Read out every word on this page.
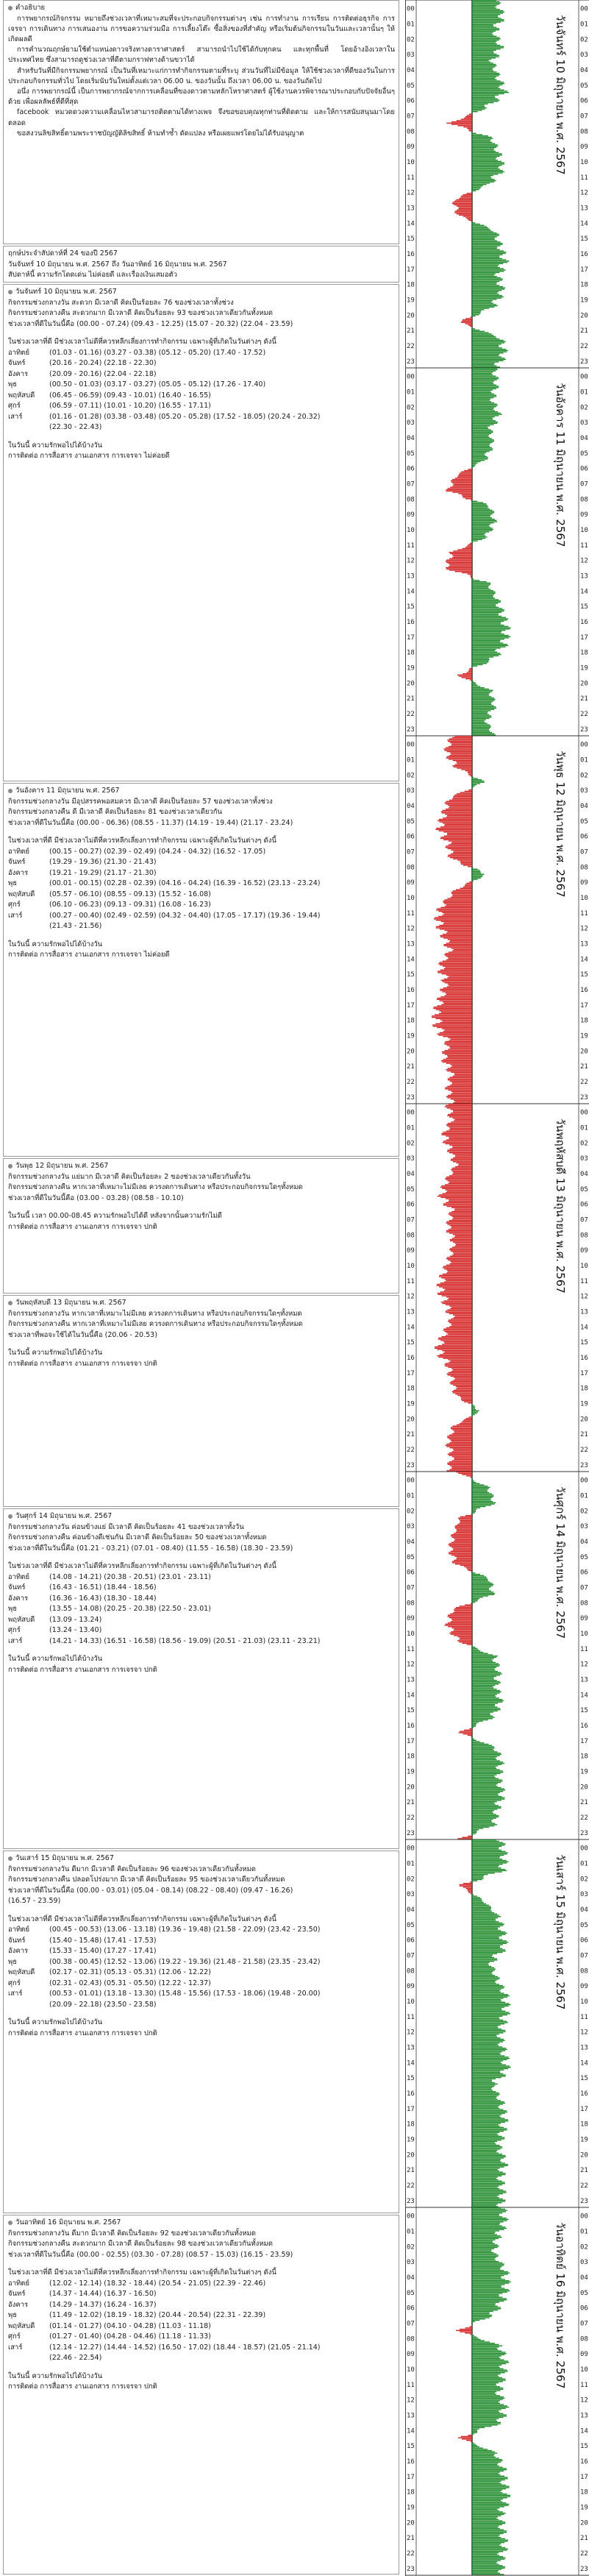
คำอธิบาย

การพยากรณ์กิจกรรม หมายถึงช่วงเวลาที่เหมาะสมที่จะประกอบกิจกรรมต่างๆ เช่น การทำงาน การเรียน การติดต่อธุรกิจ การเจรจา การเดินทาง การเสนองาน การขอความร่วมมือ การเลี้ยงโต๊ะ ซื้อสิ่งของที่สำคัญ หรือเริ่มต้นกิจกรรมในวันและเวลานั้นๆ ให้เกิดผลดี

การคำนวณฤกษ์ยามใช้ตำแหน่งดาวจริงทางดาราศาสตร์ สามารถนำไปใช้ได้กับทุกคน และทุกพื้นที่ โดยอ้างอิงเวลาในประเทศไทย ซึ่งสามารถดูช่วงเวลาที่ดีตามกราฟทางด้านขวาได้

สำหรับวันที่มีกิจกรรมพยากรณ์ เป็นวันที่เหมาะแก่การทำกิจกรรมตามที่ระบุ ส่วนวันที่ไม่มีข้อมูล ให้ใช้ช่วงเวลาที่ดีของวันในการประกอบกิจกรรมทั่วไป โดยเริ่มนับวันใหม่ตั้งแต่เวลา 06.00 น. ของวันนั้น ถึงเวลา 06.00 น. ของวันถัดไป

อนึ่ง การพยากรณ์นี้ เป็นการพยากรณ์จากการเคลื่อนที่ของดาวตามหลักโหราศาสตร์ ผู้ใช้งานควรพิจารณาประกอบกับปัจจัยอื่นๆ ด้วย เพื่อผลลัพธ์ที่ดีที่สุด

facebook หมวดดวงความเคลื่อนไหวสามารถติดตามได้ทางเพจ จึงขอขอบคุณทุกท่านที่ติดตาม และให้การสนับสนุนมาโดยตลอด

ขอสงวนลิขสิทธิ์ตามพระราชบัญญัติลิขสิทธิ์ ห้ามทำซ้ำ ดัดแปลง หรือเผยแพร่โดยไม่ได้รับอนุญาต

ฤกษ์ประจำสัปดาห์ที่ 24 ของปี 2567
วันจันทร์ 10 มิถุนายน พ.ศ. 2567 ถึง วันอาทิตย์ 16 มิถุนายน พ.ศ. 2567
สัปดาห์นี้ ความรักโดดเด่น ไม่ค่อยดี และเรื่องเงินเสมอตัว
วันจันทร์ 10 มิถุนายน พ.ศ. 2567
กิจกรรมช่วงกลางวัน สะดวก มีเวลาดี คิดเป็นร้อยละ 76 ของช่วงเวลาทั้งช่วง
กิจกรรมช่วงกลางคืน สะดวกมาก มีเวลาดี คิดเป็นร้อยละ 93 ของช่วงเวลาเดียวกันทั้งหมด
ช่วงเวลาที่ดีในวันนี้คือ (00.00 - 07.24) (09.43 - 12.25) (15.07 - 20.32) (22.04 - 23.59)
ในช่วงเวลาที่ดี มีช่วงเวลาไม่ดีที่ควรหลีกเลี่ยงการทำกิจกรรม เฉพาะผู้ที่เกิดในวันต่างๆ ดังนี้
อาทิตย์	(01.03 - 01.16) (03.27 - 03.38) (05.12 - 05.20) (17.40 - 17.52)
จันทร์	(20.16 - 20.24) (22.18 - 22.30)
อังคาร	(20.09 - 20.16) (22.04 - 22.18)
พุธ	(00.50 - 01.03) (03.17 - 03.27) (05.05 - 05.12) (17.26 - 17.40)
พฤหัสบดี (06.45 - 06.59) (09.43 - 10.01) (16.40 - 16.55)
ศุกร์	(06.59 - 07.11) (10.01 - 10.20) (16.55 - 17.11)
เสาร์	(01.16 - 01.28) (03.38 - 03.48) (05.20 - 05.28) (17.52 - 18.05) (20.24 - 20.32)
(22.30 - 22.43)
ในวันนี้ ความรักพอไปได้บ้างวัน
การติดต่อ การสื่อสาร งานเอกสาร การเจรจา ไม่ค่อยดี
วันอังคาร 11 มิถุนายน พ.ศ. 2567
กิจกรรมช่วงกลางวัน มีอุปสรรคพอสมควร มีเวลาดี คิดเป็นร้อยละ 57 ของช่วงเวลาทั้งช่วง
กิจกรรมช่วงกลางคืน ดี มีเวลาดี คิดเป็นร้อยละ 81 ของช่วงเวลาเดียวกัน
ช่วงเวลาที่ดีในวันนี้คือ (00.00 - 06.36) (08.55 - 11.37) (14.19 - 19.44) (21.17 - 23.24)
ในช่วงเวลาที่ดี มีช่วงเวลาไม่ดีที่ควรหลีกเลี่ยงการทำกิจกรรม เฉพาะผู้ที่เกิดในวันต่างๆ ดังนี้
อาทิตย์	(00.15 - 00.27) (02.39 - 02.49) (04.24 - 04.32) (16.52 - 17.05)
จันทร์	(19.29 - 19.36) (21.30 - 21.43)
อังคาร	(19.21 - 19.29) (21.17 - 21.30)
พุธ	(00.01 - 00.15) (02.28 - 02.39) (04.16 - 04.24) (16.39 - 16.52) (23.13 - 23.24)
พฤหัสบดี (05.57 - 06.10) (08.55 - 09.13) (15.52 - 16.08)
ศุกร์	(06.10 - 06.23) (09.13 - 09.31) (16.08 - 16.23)
เสาร์	(00.27 - 00.40) (02.49 - 02.59) (04.32 - 04.40) (17.05 - 17.17) (19.36 - 19.44)
(21.43 - 21.56)
ในวันนี้ ความรักพอไปได้บ้างวัน
การติดต่อ การสื่อสาร งานเอกสาร การเจรจา ไม่ค่อยดี
วันพุธ 12 มิถุนายน พ.ศ. 2567
กิจกรรมช่วงกลางวัน แย่มาก มีเวลาดี คิดเป็นร้อยละ 2 ของช่วงเวลาเดียวกันทั้งวัน
กิจกรรมช่วงกลางคืน หากเวลาที่เหมาะไม่มีเลย ควรงดการเดินทาง หรือประกอบกิจกรรมใดๆทั้งหมด
ช่วงเวลาที่ดีในวันนี้คือ (03.00 - 03.28) (08.58 - 10.10)
ในวันนี้ เวลา 00.00-08.45 ความรักพอไปได้ดี หลังจากนั้นความรักไม่ดี
การติดต่อ การสื่อสาร งานเอกสาร การเจรจา ปกติ
วันพฤหัสบดี 13 มิถุนายน พ.ศ. 2567
กิจกรรมช่วงกลางวัน หากเวลาที่เหมาะไม่มีเลย ควรงดการเดินทาง หรือประกอบกิจกรรมใดๆทั้งหมด
กิจกรรมช่วงกลางคืน หากเวลาที่เหมาะไม่มีเลย ควรงดการเดินทาง หรือประกอบกิจกรรมใดๆทั้งหมด
ช่วงเวลาที่พอจะใช้ได้ในวันนี้คือ (20.06 - 20.53)
ในวันนี้ ความรักพอไปได้บ้างวัน
การติดต่อ การสื่อสาร งานเอกสาร การเจรจา ปกติ
วันศุกร์ 14 มิถุนายน พ.ศ. 2567
กิจกรรมช่วงกลางวัน ค่อนข้างแย่ มีเวลาดี คิดเป็นร้อยละ 41 ของช่วงเวลาทั้งวัน
กิจกรรมช่วงกลางคืน ค่อนข้างดีเช่นกัน มีเวลาดี คิดเป็นร้อยละ 50 ของช่วงเวลาทั้งหมด
ช่วงเวลาที่ดีในวันนี้คือ (01.21 - 03.21) (07.01 - 08.40) (11.55 - 16.58) (18.30 - 23.59)
ในช่วงเวลาที่ดี มีช่วงเวลาไม่ดีที่ควรหลีกเลี่ยงการทำกิจกรรม เฉพาะผู้ที่เกิดในวันต่างๆ ดังนี้
อาทิตย์	(14.08 - 14.21) (20.38 - 20.51) (23.01 - 23.11)
จันทร์	(16.43 - 16.51) (18.44 - 18.56)
อังคาร	(16.36 - 16.43) (18.30 - 18.44)
พุธ	(13.55 - 14.08) (20.25 - 20.38) (22.50 - 23.01)
พฤหัสบดี (13.09 - 13.24)
ศุกร์	(13.24 - 13.40)
เสาร์	(14.21 - 14.33) (16.51 - 16.58) (18.56 - 19.09) (20.51 - 21.03) (23.11 - 23.21)
ในวันนี้ ความรักพอไปได้บ้างวัน
การติดต่อ การสื่อสาร งานเอกสาร การเจรจา ปกติ
วันเสาร์ 15 มิถุนายน พ.ศ. 2567
กิจกรรมช่วงกลางวัน ดีมาก มีเวลาดี คิดเป็นร้อยละ 96 ของช่วงเวลาเดียวกันทั้งหมด
กิจกรรมช่วงกลางคืน ปลอดโปร่งมาก มีเวลาดี คิดเป็นร้อยละ 95 ของช่วงเวลาเดียวกันทั้งหมด
ช่วงเวลาที่ดีในวันนี้คือ (00.00 - 03.01) (05.04 - 08.14) (08.22 - 08.40) (09.47 - 16.26)
(16.57 - 23.59)
ในช่วงเวลาที่ดี มีช่วงเวลาไม่ดีที่ควรหลีกเลี่ยงการทำกิจกรรม เฉพาะผู้ที่เกิดในวันต่างๆ ดังนี้
อาทิตย์	(00.45 - 00.53) (13.06 - 13.18) (19.36 - 19.48) (21.58 - 22.09) (23.42 - 23.50)
จันทร์	(15.40 - 15.48) (17.41 - 17.53)
อังคาร	(15.33 - 15.40) (17.27 - 17.41)
พุธ	(00.38 - 00.45) (12.52 - 13.06) (19.22 - 19.36) (21.48 - 21.58) (23.35 - 23.42)
พฤหัสบดี (02.17 - 02.31) (05.13 - 05.31) (12.06 - 12.22)
ศุกร์	(02.31 - 02.43) (05.31 - 05.50) (12.22 - 12.37)
เสาร์	(00.53 - 01.01) (13.18 - 13.30) (15.48 - 15.56) (17.53 - 18.06) (19.48 - 20.00)
(20.09 - 22.18) (23.50 - 23.58)
ในวันนี้ ความรักพอไปได้บ้างวัน
การติดต่อ การสื่อสาร งานเอกสาร การเจรจา ปกติ
วันอาทิตย์ 16 มิถุนายน พ.ศ. 2567
กิจกรรมช่วงกลางวัน ดีมาก มีเวลาดี คิดเป็นร้อยละ 92 ของช่วงเวลาเดียวกันทั้งหมด
กิจกรรมช่วงกลางคืน สะดวกมาก มีเวลาดี คิดเป็นร้อยละ 98 ของช่วงเวลาเดียวกันทั้งหมด
ช่วงเวลาที่ดีในวันนี้คือ (00.00 - 02.55) (03.30 - 07.28) (08.57 - 15.03) (16.15 - 23.59)
ในช่วงเวลาที่ดี มีช่วงเวลาไม่ดีที่ควรหลีกเลี่ยงการทำกิจกรรม เฉพาะผู้ที่เกิดในวันต่างๆ ดังนี้
อาทิตย์	(12.02 - 12.14) (18.32 - 18.44) (20.54 - 21.05) (22.39 - 22.46)
จันทร์	(14.37 - 14.44) (16.37 - 16.50)
อังคาร	(14.29 - 14.37) (16.24 - 16.37)
พุธ	(11.49 - 12.02) (18.19 - 18.32) (20.44 - 20.54) (22.31 - 22.39)
พฤหัสบดี (01.14 - 01.27) (04.10 - 04.28) (11.03 - 11.18)
ศุกร์	(01.27 - 01.40) (04.28 - 04.46) (11.18 - 11.33)
เสาร์	(12.14 - 12.27) (14.44 - 14.52) (16.50 - 17.02) (18.44 - 18.57) (21.05 - 21.14)
(22.46 - 22.54)
ในวันนี้ ความรักพอไปได้บ้างวัน
การติดต่อ การสื่อสาร งานเอกสาร การเจรจา ปกติ
00	00
01	01
02	02
03	03
04	04
05	05
06	06
07	07
08	08
09	09
10	10
11	11
12	12
13	13
14	14
15	15
16	16
17	17
18	18
19	19
20	20
21	21
22	22
23	23
วันจันทร์ 10 มิถุนายน พ.ศ. 2567
00	00
01	01
02	02
03	03
04	04
05	05
06	06
07	07
08	08
09	09
10	10
11	11
12	12
13	13
14	14
15	15
16	16
17	17
18	18
19	19
20	20
21	21
22	22
23	23
วันอังคาร 11 มิถุนายน พ.ศ. 2567
00	00
01	01
02	02
03	03
04	04
05	05
06	06
07	07
08	08
09	09
10	10
11	11
12	12
13	13
14	14
15	15
16	16
17	17
18	18
19	19
20	20
21	21
22	22
23	23
วันพุธ 12 มิถุนายน พ.ศ. 2567
00	00
01	01
02	02
03	03
04	04
05	05
06	06
07	07
08	08
09	09
10	10
11	11
12	12
13	13
14	14
15	15
16	16
17	17
18	18
19	19
20	20
21	21
22	22
23	23
วันพฤหัสบดี 13 มิถุนายน พ.ศ. 2567
00	00
01	01
02	02
03	03
04	04
05	05
06	06
07	07
08	08
09	09
10	10
11	11
12	12
13	13
14	14
15	15
16	16
17	17
18	18
19	19
20	20
21	21
22	22
23	23
วันศุกร์ 14 มิถุนายน พ.ศ. 2567
00	00
01	01
02	02
03	03
04	04
05	05
06	06
07	07
08	08
09	09
10	10
11	11
12	12
13	13
14	14
15	15
16	16
17	17
18	18
19	19
20	20
21	21
22	22
23	23
วันเสาร์ 15 มิถุนายน พ.ศ. 2567
00	00
01	01
02	02
03	03
04	04
05	05
06	06
07	07
08	08
09	09
10	10
11	11
12	12
13	13
14	14
15	15
16	16
17	17
18	18
19	19
20	20
21	21
22	22
23	23
วันอาทิตย์ 16 มิถุนายน พ.ศ. 2567
